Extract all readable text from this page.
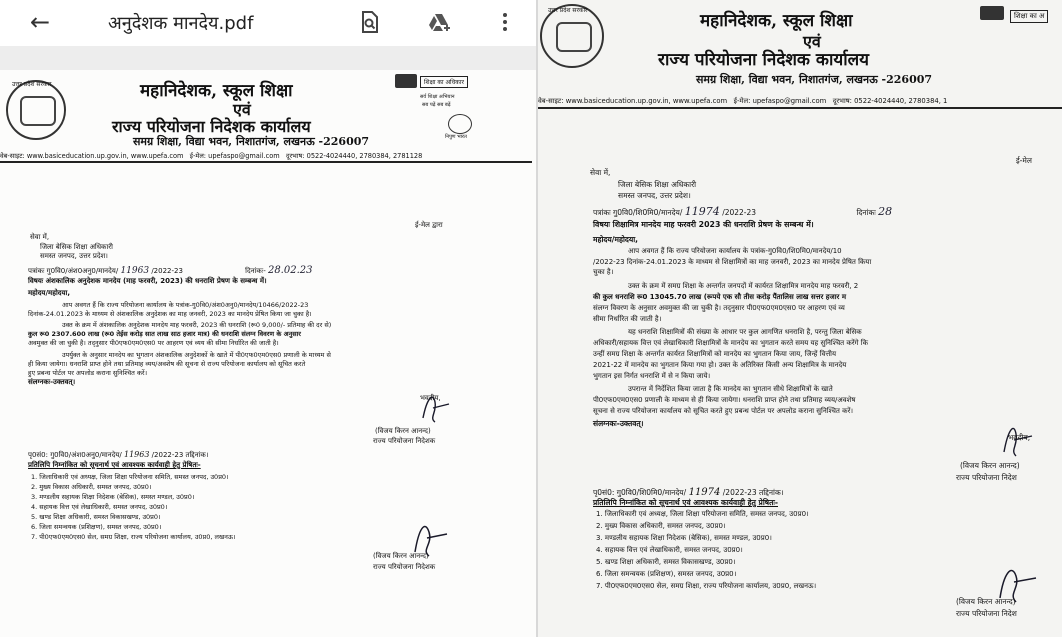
←	अनुदेशक मानदेय.pdf
उत्तर प्रदेश सरकार	महानिदेशक, स्कूल शिक्षा
एवं
राज्य परियोजना निदेशक कार्यालय
समग्र शिक्षा, विद्या भवन, निशातगंज, लखनऊ -226007
शिक्षा का अधिकार
सर्व शिक्षा अभियान
सब पढ़ें सब बढ़ें
निपुण भारत
वेब-साइट: www.basiceducation.up.gov.in, www.upefa.com ई-मेल: upefaspo@gmail.com दूरभाष: 0522-4024440, 2780384, 2781128
ई-मेल द्वारा
सेवा में,
जिला बेसिक शिक्षा अधिकारी
समस्त जनपद, उत्तर प्रदेश।
पत्रांकः गु0वि0/अंश0अनु0/मानदेय/ 11963 /2022-23	दिनांकः- 28.02.23
विषयः अंशकालिक अनुदेशक मानदेय (माह फरवरी, 2023) की धनराशि प्रेषण के सम्बन्ध में।
महोदय/महोदया,
आप अवगत हैं कि राज्य परियोजना कार्यालय के पत्रांक-गु0वि0/अंश0अनु0/मानदेय/10466/2022-23
दिनांक-24.01.2023 के माध्यम से अंशकालिक अनुदेशक का माह जनवरी, 2023 का मानदेय प्रेषित किया जा चुका है।
उक्त के क्रम में अंशकालिक अनुदेशक मानदेय माह फरवरी, 2023 की धनराशि (रू0 9,000/- प्रतिमाह की दर से)
कुल रू0 2307.600 लाख (रू0 तेईस करोड़ सात लाख साठ हजार मात्र) की धनराशि संलग्न विवरण के अनुसार
अवमुक्त की जा चुकी है। तद्नुसार पी0एफ0एम0एस0 पर आहरण एवं व्यय की सीमा निर्धारित की जाती है।
उपर्युक्त के अनुसार मानदेय का भुगतान अंशकालिक अनुदेशकों के खाते में पी0एफ0एम0एस0 प्रणाली के माध्यम से
ही किया जायेगा। धनराशि प्राप्त होने तथा प्रतिमाह व्यय/अवशेष की सूचना से राज्य परियोजना कार्यालय को सूचित करते
हुए प्रबन्ध पोर्टल पर अपलोड कराना सुनिश्चित करें।
संलग्नकः-उक्तवत्।
भवदीय,
(विजय किरन आनन्द)
राज्य परियोजना निदेशक
पृ0सं0: गु0वि0/अंश0अनु0/मानदेय/ 11963 /2022-23 तद्दिनांक।
प्रतिलिपि निम्नांकित को सूचनार्थ एवं आवश्यक कार्यवाही हेतु प्रेषितः-
1. जिलाधिकारी एवं अध्यक्ष, जिला शिक्षा परियोजना समिति, समस्त जनपद, उ0प्र0।
2. मुख्य विकास अधिकारी, समस्त जनपद, उ0प्र0।
3. मण्डलीय सहायक शिक्षा निदेशक (बेसिक), समस्त मण्डल, उ0प्र0।
4. सहायक वित्त एवं लेखाधिकारी, समस्त जनपद, उ0प्र0।
5. खण्ड शिक्षा अधिकारी, समस्त विकासखण्ड, उ0प्र0।
6. जिला समन्वयक (प्रशिक्षण), समस्त जनपद, उ0प्र0।
7. पी0एफ0एम0एस0 सेल, समग्र शिक्षा, राज्य परियोजना कार्यालय, उ0प्र0, लखनऊ।
(विजय किरन आनन्द)
राज्य परियोजना निदेशक
उत्तर प्रदेश सरकार
महानिदेशक, स्कूल शिक्षा
एवं
राज्य परियोजना निदेशक कार्यालय
समग्र शिक्षा, विद्या भवन, निशातगंज, लखनऊ -226007
शिक्षा का अ
वेब-साइट: www.basiceducation.up.gov.in, www.upefa.com ई-मेल: upefaspo@gmail.com दूरभाष: 0522-4024440, 2780384, 1
ई-मेल
सेवा में,
जिला बेसिक शिक्षा अधिकारी
समस्त जनपद, उत्तर प्रदेश।
पत्रांकः गु0वि0/शि0मि0/मानदेय/ 11974 /2022-23	दिनांकः 28
विषयः शिक्षामित्र मानदेय माह फरवरी 2023 की धनराशि प्रेषण के सम्बन्ध में।
महोदय/महोदया,
आप अवगत हैं कि राज्य परियोजना कार्यालय के पत्रांक-गु0वि0/शि0मि0/मानदेय/10
/2022-23 दिनांक-24.01.2023 के माध्यम से शिक्षामित्रों का माह जनवरी, 2023 का मानदेय प्रेषित किया
चुका है।
उक्त के क्रम में समग्र शिक्षा के अन्तर्गत जनपदों में कार्यरत शिक्षामित्र मानदेय माह फरवरी, 2
की कुल धनराशि रू0 13045.70 लाख (रूपये एक सौ तीस करोड़ पैंतालिस लाख सत्तर हजार म
संलग्न विवरण के अनुसार अवमुक्त की जा चुकी है। तद्नुसार पी0एफ0एम0एस0 पर आहरण एवं व्य
सीमा निर्धारित की जाती है।
यह धनराशि शिक्षामित्रों की संख्या के आधार पर कुल आगणित धनराशि है, परन्तु जिला बेसिक
अधिकारी/सहायक वित्त एवं लेखाधिकारी शिक्षामित्रों के मानदेय का भुगतान करते समय यह सुनिश्चित करेंगे कि
उन्हीं समग्र शिक्षा के अन्तर्गत कार्यरत शिक्षामित्रों को मानदेय का भुगतान किया जाय, जिन्हें वित्तीय
2021-22 में मानदेय का भुगतान किया गया हो। उक्त के अतिरिक्त किसी अन्य शिक्षामित्र के मानदेय
भुगतान इस निर्गत धनराशि में से न किया जाये।
उपरान्त में निर्देशित किया जाता है कि मानदेय का भुगतान सीधे शिक्षामित्रों के खाते
पी0एफ0एम0एस0 प्रणाली के माध्यम से ही किया जायेगा। धनराशि प्राप्त होने तथा प्रतिमाह व्यय/अवशेष
सूचना से राज्य परियोजना कार्यालय को सूचित करते हुए प्रबन्ध पोर्टल पर अपलोड कराना सुनिश्चित करें।
संलग्नकः-उक्तवत्।
भवदीय,
(विजय किरन आनन्द)
राज्य परियोजना निदेश
पृ0सं0: गु0वि0/शि0मि0/मानदेय/ 11974 /2022-23 तद्दिनांक।
प्रतिलिपि निम्नांकित को सूचनार्थ एवं आवश्यक कार्यवाही हेतु प्रेषितः-
1. जिलाधिकारी एवं अध्यक्ष, जिला शिक्षा परियोजना समिति, समस्त जनपद, उ0प्र0।
2. मुख्य विकास अधिकारी, समस्त जनपद, उ0प्र0।
3. मण्डलीय सहायक शिक्षा निदेशक (बेसिक), समस्त मण्डल, उ0प्र0।
4. सहायक वित्त एवं लेखाधिकारी, समस्त जनपद, उ0प्र0।
5. खण्ड शिक्षा अधिकारी, समस्त विकासखण्ड, उ0प्र0।
6. जिला समन्वयक (प्रशिक्षण), समस्त जनपद, उ0प्र0।
7. पी0एफ0एम0एस0 सेल, समग्र शिक्षा, राज्य परियोजना कार्यालय, उ0प्र0, लखनऊ।
(विजय किरन आनन्द)
राज्य परियोजना निदेश
